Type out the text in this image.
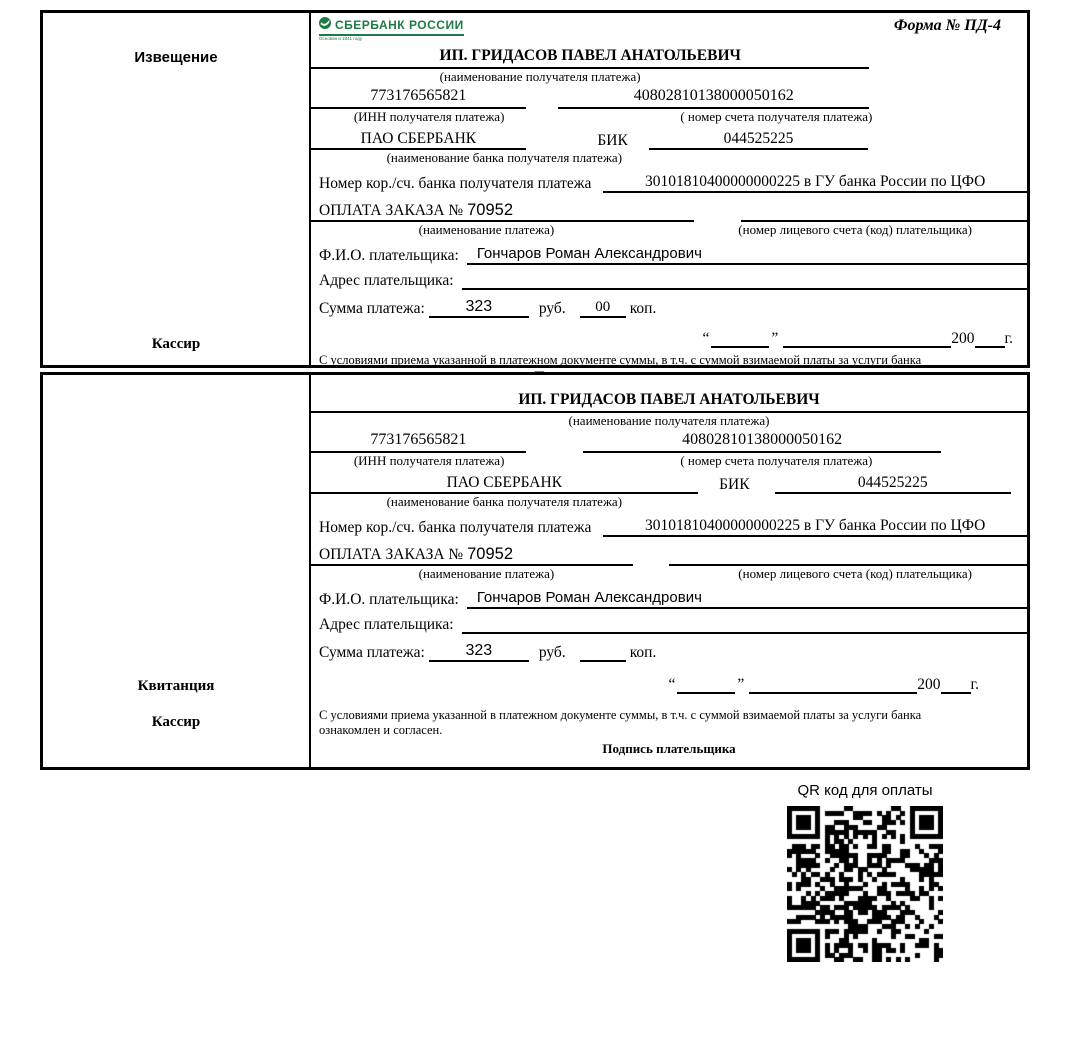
Извещение
Кассир
СБЕРБАНК РОССИИ
Основан в 1841 году
Форма № ПД-4
ИП. ГРИДАСОВ ПАВЕЛ АНАТОЛЬЕВИЧ
(наименование получателя платежа)
773176565821	40802810138000050162
(ИНН получателя платежа)	( номер счета получателя платежа)
ПАО СБЕРБАНК	БИК	044525225
(наименование банка получателя платежа)
Номер кор./сч. банка получателя платежа	30101810400000000225 в ГУ банка России по ЦФО
ОПЛАТА ЗАКАЗА № 70952
(наименование платежа)	(номер лицевого счета (код) плательщика)
Ф.И.О. плательщика:	Гончаров Роман Александрович
Адрес плательщика:
Сумма платежа:	323	руб.	00	коп.
“	”	200 г.
С условиями приема указанной в платежном документе суммы, в т.ч. с суммой взимаемой платы за услуги банка
Квитанция
Кассир
ИП. ГРИДАСОВ ПАВЕЛ АНАТОЛЬЕВИЧ
(наименование получателя платежа)
773176565821	40802810138000050162
(ИНН получателя платежа)	( номер счета получателя платежа)
ПАО СБЕРБАНК	БИК	044525225
(наименование банка получателя платежа)
Номер кор./сч. банка получателя платежа	30101810400000000225 в ГУ банка России по ЦФО
ОПЛАТА ЗАКАЗА № 70952
(наименование платежа)	(номер лицевого счета (код) плательщика)
Ф.И.О. плательщика:	Гончаров Роман Александрович
Адрес плательщика:
Сумма платежа:	323	руб.	коп.
“	”	200 г.
С условиями приема указанной в платежном документе суммы, в т.ч. с суммой взимаемой платы за услуги банка
ознакомлен и согласен.
Подпись плательщика
QR код для оплаты
